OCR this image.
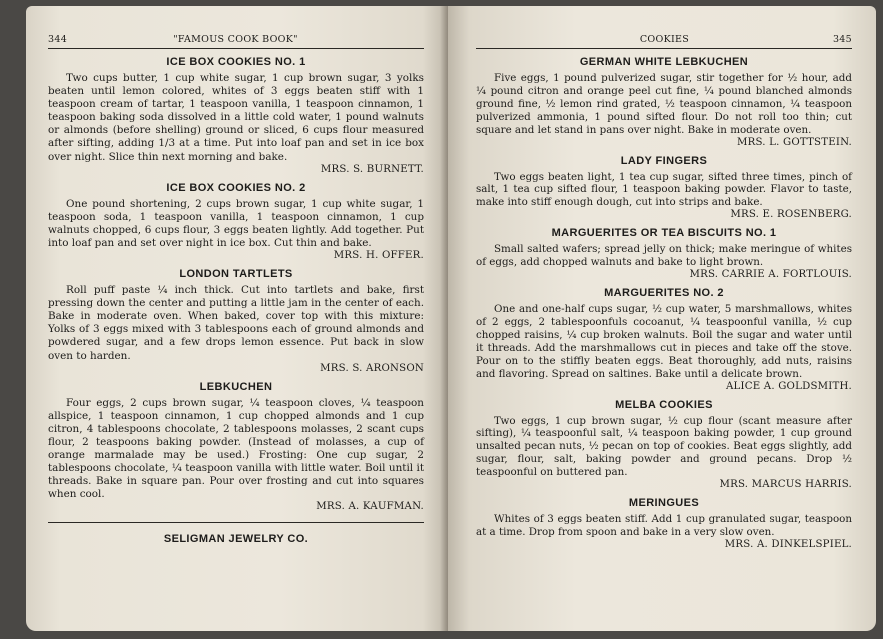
344	"FAMOUS COOK BOOK"
ICE BOX COOKIES NO. 1

Two cups butter, 1 cup white sugar, 1 cup brown sugar, 3 yolks beaten until lemon colored, whites of 3 eggs beaten stiff with 1 teaspoon cream of tartar, 1 teaspoon vanilla, 1 teaspoon cinnamon, 1 teaspoon baking soda dissolved in a little cold water, 1 pound walnuts or almonds (before shelling) ground or sliced, 6 cups flour measured after sifting, adding 1/3 at a time. Put into loaf pan and set in ice box over night. Slice thin next morning and bake.

MRS. S. BURNETT.
ICE BOX COOKIES NO. 2

One pound shortening, 2 cups brown sugar, 1 cup white sugar, 1 teaspoon soda, 1 teaspoon vanilla, 1 teaspoon cinnamon, 1 cup walnuts chopped, 6 cups flour, 3 eggs beaten lightly. Add together. Put into loaf pan and set over night in ice box. Cut thin and bake.

MRS. H. OFFER.
LONDON TARTLETS

Roll puff paste ¼ inch thick. Cut into tartlets and bake, first pressing down the center and putting a little jam in the center of each. Bake in moderate oven. When baked, cover top with this mixture: Yolks of 3 eggs mixed with 3 tablespoons each of ground almonds and powdered sugar, and a few drops lemon essence. Put back in slow oven to harden.

MRS. S. ARONSON
LEBKUCHEN

Four eggs, 2 cups brown sugar, ¼ teaspoon cloves, ¼ teaspoon allspice, 1 teaspoon cinnamon, 1 cup chopped almonds and 1 cup citron, 4 tablespoons chocolate, 2 tablespoons molasses, 2 scant cups flour, 2 teaspoons baking powder. (Instead of molasses, a cup of orange marmalade may be used.) Frosting: One cup sugar, 2 tablespoons chocolate, ¼ teaspoon vanilla with little water. Boil until it threads. Bake in square pan. Pour over frosting and cut into squares when cool.

MRS. A. KAUFMAN.
SELIGMAN JEWELRY CO.
COOKIES	345
GERMAN WHITE LEBKUCHEN

Five eggs, 1 pound pulverized sugar, stir together for ½ hour, add ¼ pound citron and orange peel cut fine, ¼ pound blanched almonds ground fine, ½ lemon rind grated, ½ teaspoon cinnamon, ¼ teaspoon pulverized ammonia, 1 pound sifted flour. Do not roll too thin; cut square and let stand in pans over night. Bake in moderate oven.

MRS. L. GOTTSTEIN.
LADY FINGERS

Two eggs beaten light, 1 tea cup sugar, sifted three times, pinch of salt, 1 tea cup sifted flour, 1 teaspoon baking powder. Flavor to taste, make into stiff enough dough, cut into strips and bake.

MRS. E. ROSENBERG.
MARGUERITES OR TEA BISCUITS NO. 1

Small salted wafers; spread jelly on thick; make meringue of whites of eggs, add chopped walnuts and bake to light brown.

MRS. CARRIE A. FORTLOUIS.
MARGUERITES NO. 2

One and one-half cups sugar, ½ cup water, 5 marshmallows, whites of 2 eggs, 2 tablespoonfuls cocoanut, ¼ teaspoonful vanilla, ½ cup chopped raisins, ¼ cup broken walnuts. Boil the sugar and water until it threads. Add the marshmallows cut in pieces and take off the stove. Pour on to the stiffly beaten eggs. Beat thoroughly, add nuts, raisins and flavoring. Spread on saltines. Bake until a delicate brown.

ALICE A. GOLDSMITH.
MELBA COOKIES

Two eggs, 1 cup brown sugar, ½ cup flour (scant measure after sifting), ¼ teaspoonful salt, ¼ teaspoon baking powder, 1 cup ground unsalted pecan nuts, ½ pecan on top of cookies. Beat eggs slightly, add sugar, flour, salt, baking powder and ground pecans. Drop ½ teaspoonful on buttered pan.

MRS. MARCUS HARRIS.
MERINGUES

Whites of 3 eggs beaten stiff. Add 1 cup granulated sugar, teaspoon at a time. Drop from spoon and bake in a very slow oven.

MRS. A. DINKELSPIEL.
